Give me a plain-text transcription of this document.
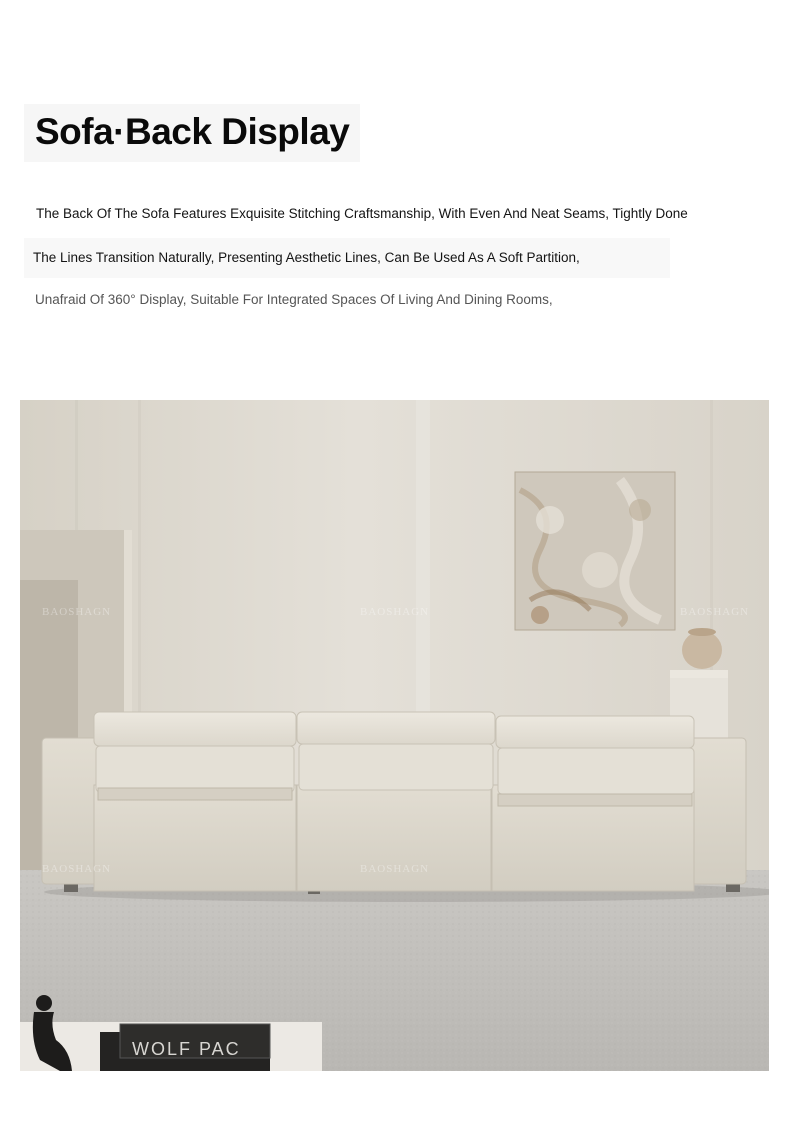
Sofa·Back Display
The Back Of The Sofa Features Exquisite Stitching Craftsmanship, With Even And Neat Seams, Tightly Done
The Lines Transition Naturally, Presenting Aesthetic Lines, Can Be Used As A Soft Partition,
Unafraid Of 360° Display, Suitable For Integrated Spaces Of Living And Dining Rooms,
BAOSHAGN	BAOSHAGN	BAOSHAGN
BAOSHAGN	BAOSHAGN
WOLF PAC
